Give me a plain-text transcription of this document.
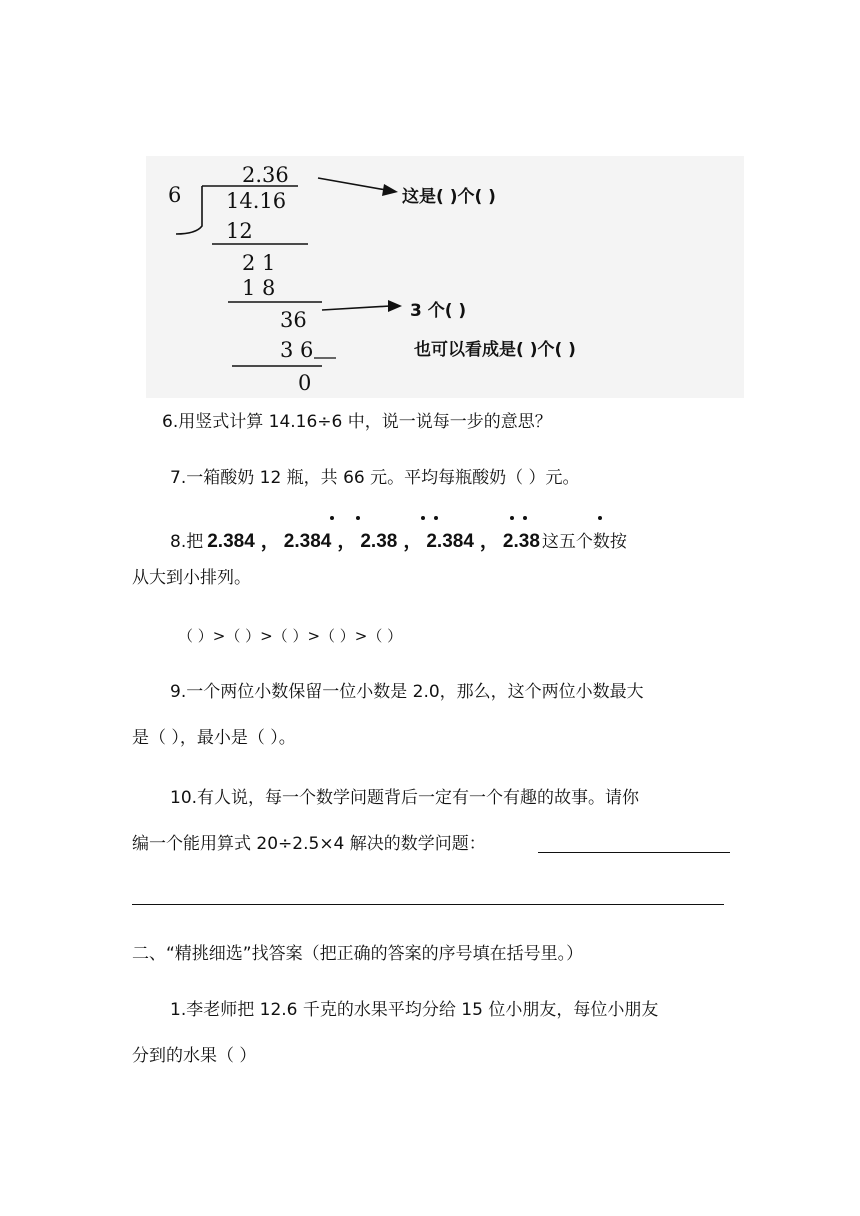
2.36
6 14.16
12
2 1
1 8
36
3 6
0
这是( )个( )
3 个( )
也可以看成是( )个( )
6.用竖式计算 14.16÷6 中，说一说每一步的意思？
7.一箱酸奶 12 瓶，共 66 元。平均每瓶酸奶（ ）元。
8.把 2.384 ， 2.384 ， 2.38 ， 2.384 ， 2.38 这五个数按
从大到小排列。
（ ）>（ ）>（ ）>（ ）>（ ）
9.一个两位小数保留一位小数是 2.0，那么，这个两位小数最大
是（ ），最小是（ ）。
10.有人说，每一个数学问题背后一定有一个有趣的故事。请你
编一个能用算式 20÷2.5×4 解决的数学问题：
二、“精挑细选”找答案（把正确的答案的序号填在括号里。）
1.李老师把 12.6 千克的水果平均分给 15 位小朋友，每位小朋友
分到的水果（ ）
